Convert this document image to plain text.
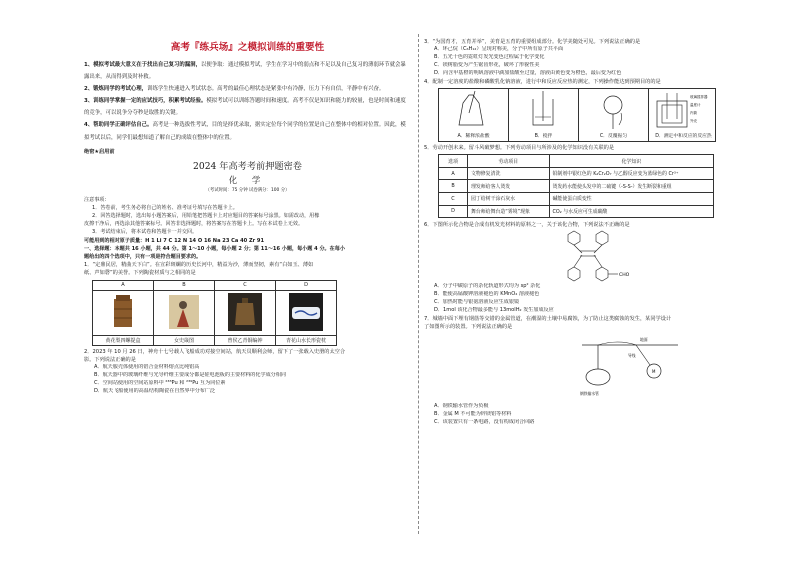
高考『练兵场』之模拟训练的重要性

1、模拟考试最大意义在于找出自己复习的漏洞，以便争取：通过模拟考试，学生在学习中的弱点和不足以及自己复习的薄弱环节就会暴露出来，从而得到及时补救。

2、锻炼同学的考试心理，训练学生快速进入考试状态。高考的最佳心理状态是紧张中有冷静，压力下有自信，平静中有兴奋。

3、训练同学掌握一定的应试技巧，积累考试经验。模拟考试可以训练答题时间和速度。高考不仅是知识和能力的较量，也是时间和速度的竞争，可以说争分夺秒是取胜的关键。

4、帮助同学正确评估自己。高考是一种选拔性考试，目的是择优录取，据实定位每个同学的位置是自己在整体中的相对位置。因此，模拟考试以后，同学们最想知道了解自己的成绩在整体中的位置。

绝密★启用前
2024 年高考考前押题密卷
化 学
（考试时间：75 分钟 试卷满分：100 分）
注意事项：
1．答卷前，考生务必将自己的姓名、准考证号填写在答题卡上。
2．回答选择题时，选出每小题答案后，用铅笔把答题卡上对应题目的答案标号涂黑。如需改动，用橡
皮擦干净后，再选涂其他答案标号。回答非选择题时，将答案写在答题卡上。写在本试卷上无效。
3．考试结束后，将本试卷和答题卡一并交回。
可能用到的相对原子质量：H 1 Li 7 C 12 N 14 O 16 Na 23 Ca 40 Zr 91
一、选择题：本题共 16 小题，共 44 分。第 1～10 小题，每小题 2 分；第 11～16 小题，每小题 4 分。在每小
题给出的四个选项中，只有一项是符合题目要求的。
1．“定鼎民居，精曲天下白”。在宣彩斑斓的历史长河中，精益为沙，薄而坚韧，素有“白如玉、薄如
纸、声如磬”的美誉。下列陶瓷材质与之相同的是
A	B	C	D

黄花梨四螺提盒	女史箴图	曾侯乙青铜编钟	青花山水长形瓷枕
2．2023 年 10 月 26 日，神舟十七号载人飞船成功对接空间站，航天员顺利会师，留下了一张载入史册的太空合
影。下列说法正确的是
A．航天服壳体使用的铝合金材料熔点比纯铝高
B．航天器中的玻璃纤维与光导纤维主要成分都是硅电池板的主要材料的化学成分相同
C．空间站使用的空间站原料中 ²³⁸Pu 和 ²³⁹Pu 互为同位素
D．航天飞船使用的高温结构陶瓷在自然界中分布广泛
3．“为国育才，五育并举”，美育是五育的重要组成部分。化学美随处可见。下列说法正确的是
A．环己烷（C₆H₁₂）呈现对称美，分子中所有原子共平面
B．五光十色的霓虹灯发光变色过程属于化学变化
C．镁树脂变为产生锯齿形花，破坏了形貌性美
D．向含甲基橙的明矾溶液中滴加盐酸至过量，溶液由黄色变为橙色，最后变为红色
4．配制一定溶度的盐酸和磷酸乳化钠溶液，进行中和反应反应热的测定，下列操作能达到预期目的的是
A．稀释浓盐酸	B．搅拌	C．反覆振匀
玻璃搅拌器
温度计
内筒
外壳
D．测定中和反应的反应热
5．劳动开创未来。留斗风破梦想。下列劳动项目与所涉及的化学知识没有关联的是
选项	劳动项目	化学知识
A	文物修复清洗	铅制剂中银红色的 K₂Cr₂O₇ 与乙醇反应变为蓝绿色的 Cr³⁺
B	理发师给客人烫发	烫发药水能使头发中的二硫键（-S-S-）发生断裂和重组
C	园丁给树干涂石灰水	碱能使蛋白质变性
D	舞台师给舞台造“雾境”现象	CO₂ 与水反应可生成碳酸
6．下图所示化合物是合成有机发光材料的原料之一，关于该化合物，下列说法不正确的是
CHO
A．分子中碳原子的杂化轨道形式均为 sp² 杂化
B．能使高锰酸钾溶液褪色的 KMnO₄ 溶液褪色
C．加热时能与银氨溶液反应生成银镜
D．1mol 该化合物最多能与 13molH₂ 发生加成反应
7．城墙中面下埋有钢筋等交错的金属管道，在潮湿的土壤中易腐蚀，为了防止这类腐蚀的发生，某同学设计
了如图所示的装置。下列说法正确的是
地面
导线
M
钢铁输水管
A．钢铁输水管作为负极
B．金属 M 不可能为锌镁铝等材料
C．该装置只有一条电路，没有构成闭合回路
